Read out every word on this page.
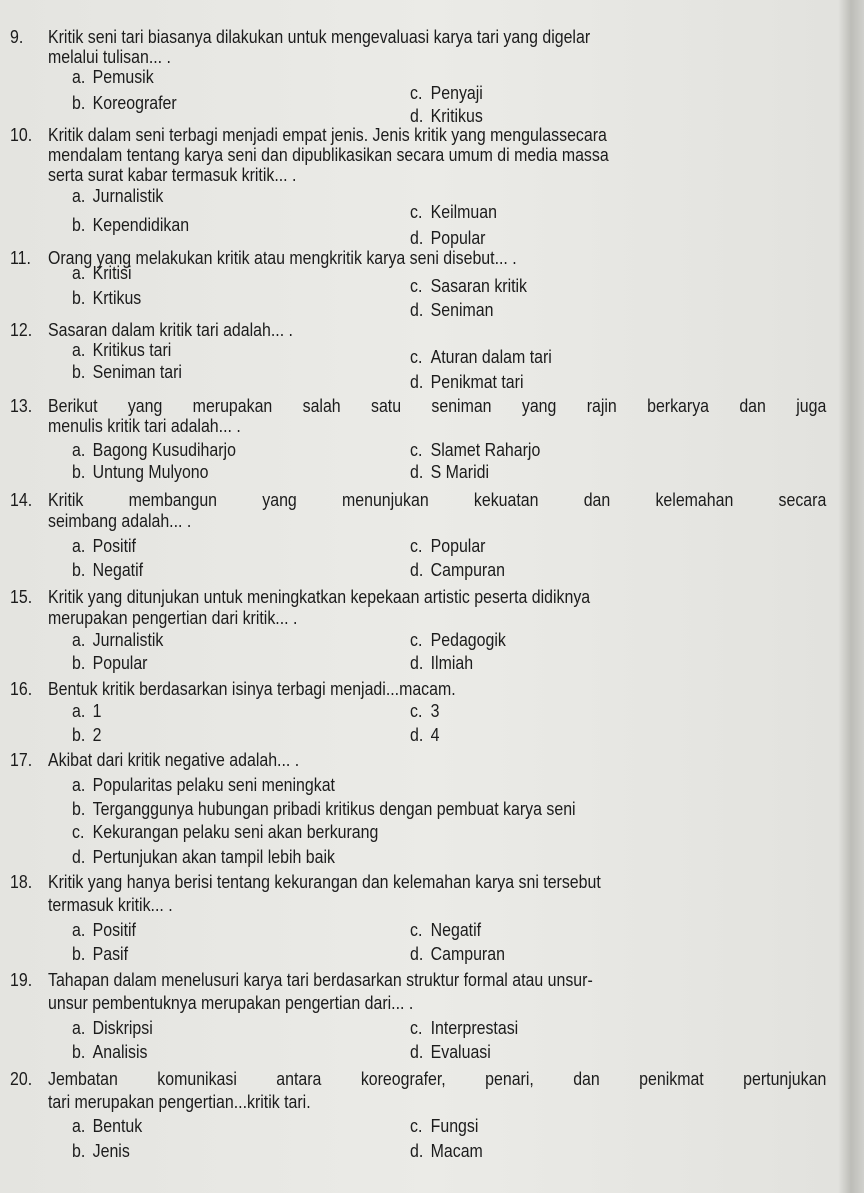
9. Kritik seni tari biasanya dilakukan untuk mengevaluasi karya tari yang digelar
melalui tulisan... .
a. Pemusik
b. Koreografer	c. Penyaji
d. Kritikus
10. Kritik dalam seni terbagi menjadi empat jenis. Jenis kritik yang mengulassecara
mendalam tentang karya seni dan dipublikasikan secara umum di media massa
serta surat kabar termasuk kritik... .
a. Jurnalistik
b. Kependidikan
c. Keilmuan
d. Popular
11. Orang yang melakukan kritik atau mengkritik karya seni disebut... .
a. Kritisi
b. Krtikus
c. Sasaran kritik
d. Seniman
12. Sasaran dalam kritik tari adalah... .
a. Kritikus tari
b. Seniman tari
c. Aturan dalam tari
d. Penikmat tari
13. Berikut yang merupakan salah satu seniman yang rajin berkarya dan juga
menulis kritik tari adalah... .
a. Bagong Kusudiharjo
b. Untung Mulyono
c. Slamet Raharjo
d. S Maridi
14. Kritik membangun yang menunjukan kekuatan dan kelemahan secara
seimbang adalah... .
a. Positif
b. Negatif
c. Popular
d. Campuran
15. Kritik yang ditunjukan untuk meningkatkan kepekaan artistic peserta didiknya
merupakan pengertian dari kritik... .
a. Jurnalistik
b. Popular
c. Pedagogik
d. Ilmiah
16. Bentuk kritik berdasarkan isinya terbagi menjadi...macam.
a. 1
b. 2
c. 3
d. 4
17. Akibat dari kritik negative adalah... .
a. Popularitas pelaku seni meningkat
b. Terganggunya hubungan pribadi kritikus dengan pembuat karya seni
c. Kekurangan pelaku seni akan berkurang
d. Pertunjukan akan tampil lebih baik
18. Kritik yang hanya berisi tentang kekurangan dan kelemahan karya sni tersebut
termasuk kritik... .
a. Positif
b. Pasif
c. Negatif
d. Campuran
19. Tahapan dalam menelusuri karya tari berdasarkan struktur formal atau unsur-
unsur pembentuknya merupakan pengertian dari... .
a. Diskripsi
b. Analisis
c. Interprestasi
d. Evaluasi
20. Jembatan komunikasi antara koreografer, penari, dan penikmat pertunjukan
tari merupakan pengertian...kritik tari.
a. Bentuk
b. Jenis
c. Fungsi
d. Macam
